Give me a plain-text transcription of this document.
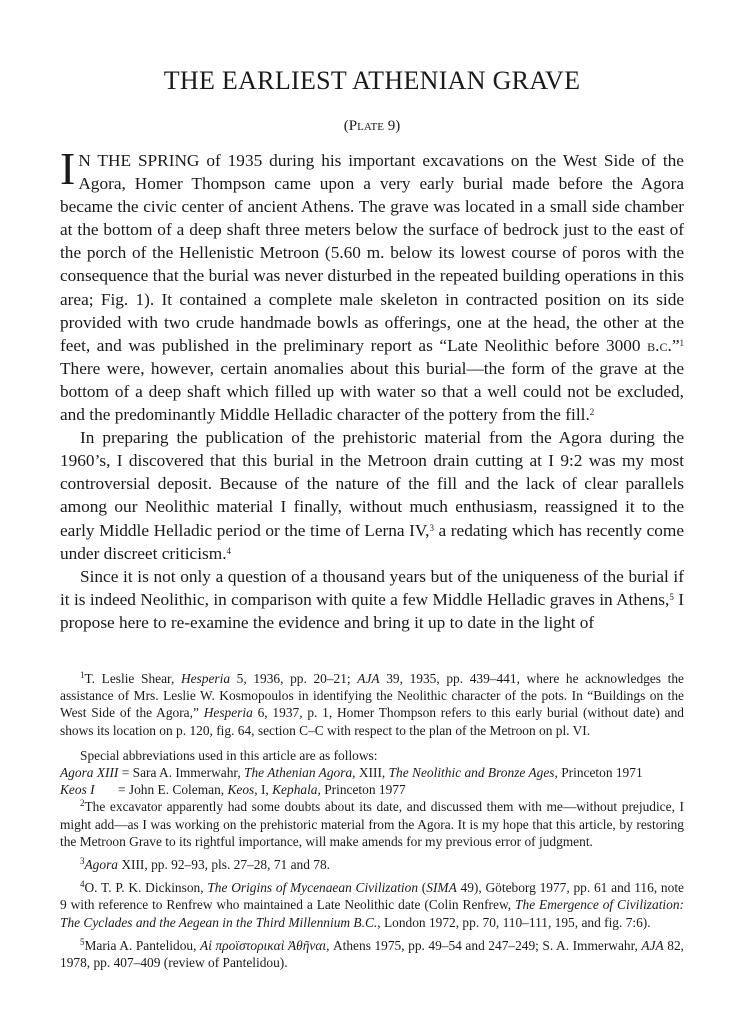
THE EARLIEST ATHENIAN GRAVE

(Plate 9)

I N THE SPRING of 1935 during his important excavations on the West Side of the Agora, Homer Thompson came upon a very early burial made before the Agora became the civic center of ancient Athens. The grave was located in a small side chamber at the bottom of a deep shaft three meters below the surface of bedrock just to the east of the porch of the Hellenistic Metroon (5.60 m. below its lowest course of poros with the consequence that the burial was never disturbed in the repeated building operations in this area; Fig. 1). It contained a complete male skeleton in contracted position on its side provided with two crude handmade bowls as offerings, one at the head, the other at the feet, and was published in the preliminary report as “Late Neolithic before 3000 b.c.”$^1$ There were, however, certain anomalies about this burial—the form of the grave at the bottom of a deep shaft which filled up with water so that a well could not be excluded, and the predominantly Middle Helladic character of the pottery from the fill.$^2$

In preparing the publication of the prehistoric material from the Agora during the 1960’s, I discovered that this burial in the Metroon drain cutting at I 9:2 was my most controversial deposit. Because of the nature of the fill and the lack of clear parallels among our Neolithic material I finally, without much enthusiasm, reassigned it to the early Middle Helladic period or the time of Lerna IV,$^3$ a redating which has recently come under discreet criticism.$^4$

Since it is not only a question of a thousand years but of the uniqueness of the burial if it is indeed Neolithic, in comparison with quite a few Middle Helladic graves in Athens,$^5$ I propose here to re-examine the evidence and bring it up to date in the light of

$^1$T. Leslie Shear, Hesperia 5, 1936, pp. 20–21; AJA 39, 1935, pp. 439–441, where he acknowledges the assistance of Mrs. Leslie W. Kosmopoulos in identifying the Neolithic character of the pots. In “Buildings on the West Side of the Agora,” Hesperia 6, 1937, p. 1, Homer Thompson refers to this early burial (without date) and shows its location on p. 120, fig. 64, section C–C with respect to the plan of the Metroon on pl. VI.

Special abbreviations used in this article are as follows:

Agora XIII = Sara A. Immerwahr, The Athenian Agora, XIII, The Neolithic and Bronze Ages, Princeton 1971

Keos I = John E. Coleman, Keos, I, Kephala, Princeton 1977

$^2$The excavator apparently had some doubts about its date, and discussed them with me—without prejudice, I might add—as I was working on the prehistoric material from the Agora. It is my hope that this article, by restoring the Metroon Grave to its rightful importance, will make amends for my previous error of judgment.

$^3$Agora XIII, pp. 92–93, pls. 27–28, 71 and 78.

$^4$O. T. P. K. Dickinson, The Origins of Mycenaean Civilization (SIMA 49), Göteborg 1977, pp. 61 and 116, note 9 with reference to Renfrew who maintained a Late Neolithic date (Colin Renfrew, The Emergence of Civilization: The Cyclades and the Aegean in the Third Millennium B.C., London 1972, pp. 70, 110–111, 195, and fig. 7:6).

$^5$Maria A. Pantelidou, Αἱ προϊστορικαὶ Ἀθῆναι, Athens 1975, pp. 49–54 and 247–249; S. A. Immerwahr, AJA 82, 1978, pp. 407–409 (review of Pantelidou).
